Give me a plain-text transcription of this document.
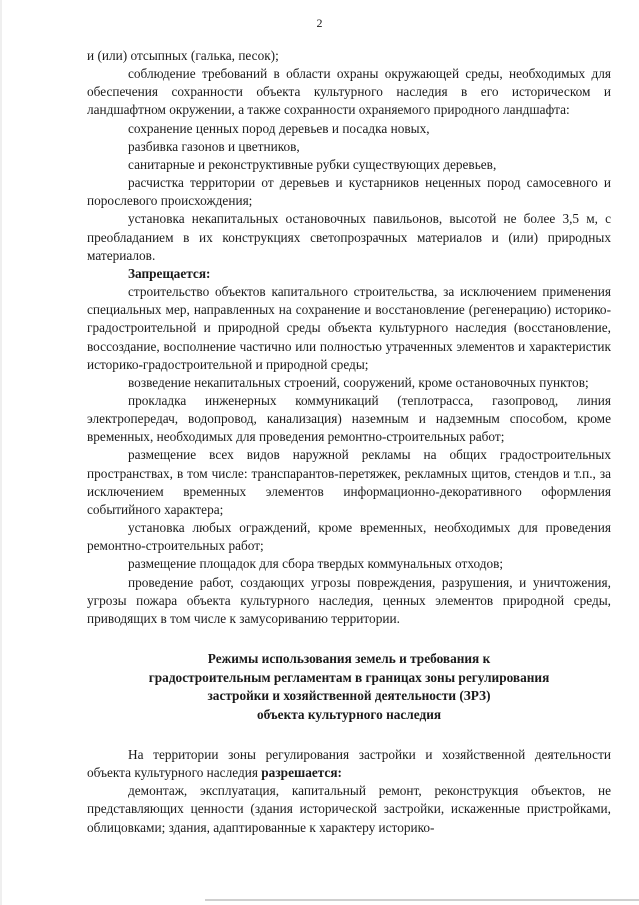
2

и (или) отсыпных (галька, песок);

соблюдение требований в области охраны окружающей среды, необходимых для обеспечения сохранности объекта культурного наследия в его историческом и ландшафтном окружении, а также сохранности охраняемого природного ландшафта:

сохранение ценных пород деревьев и посадка новых,

разбивка газонов и цветников,

санитарные и реконструктивные рубки существующих деревьев,

расчистка территории от деревьев и кустарников неценных пород самосевного и порослевого происхождения;

установка некапитальных остановочных павильонов, высотой не более 3,5 м, с преобладанием в их конструкциях светопрозрачных материалов и (или) природных материалов.

Запрещается:

строительство объектов капитального строительства, за исключением применения специальных мер, направленных на сохранение и восстановление (регенерацию) историко-градостроительной и природной среды объекта культурного наследия (восстановление, воссоздание, восполнение частично или полностью утраченных элементов и характеристик историко-градостроительной и природной среды;

возведение некапитальных строений, сооружений, кроме остановочных пунктов;

прокладка инженерных коммуникаций (теплотрасса, газопровод, линия электропередач, водопровод, канализация) наземным и надземным способом, кроме временных, необходимых для проведения ремонтно-строительных работ;

размещение всех видов наружной рекламы на общих градостроительных пространствах, в том числе: транспарантов-перетяжек, рекламных щитов, стендов и т.п., за исключением временных элементов информационно-декоративного оформления событийного характера;

установка любых ограждений, кроме временных, необходимых для проведения ремонтно-строительных работ;

размещение площадок для сбора твердых коммунальных отходов;

проведение работ, создающих угрозы повреждения, разрушения, и уничтожения, угрозы пожара объекта культурного наследия, ценных элементов природной среды, приводящих в том числе к замусориванию территории.

Режимы использования земель и требования к
градостроительным регламентам в границах зоны регулирования
застройки и хозяйственной деятельности (ЗРЗ)
объекта культурного наследия

На территории зоны регулирования застройки и хозяйственной деятельности объекта культурного наследия разрешается:

демонтаж, эксплуатация, капитальный ремонт, реконструкция объектов, не представляющих ценности (здания исторической застройки, искаженные пристройками, облицовками; здания, адаптированные к характеру историко-
